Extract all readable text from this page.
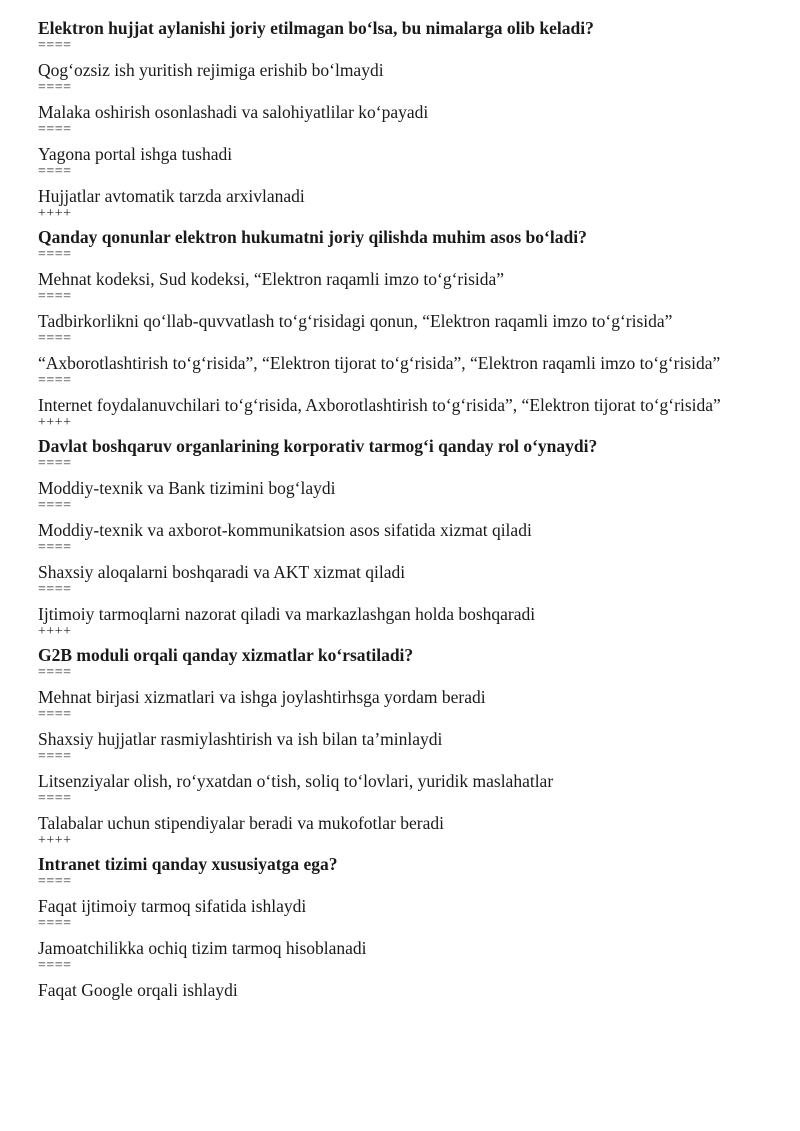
Elektron hujjat aylanishi joriy etilmagan bo‘lsa, bu nimalarga olib keladi?

====

Qog‘ozsiz ish yuritish rejimiga erishib bo‘lmaydi

====

Malaka oshirish osonlashadi va salohiyatlilar ko‘payadi

====

Yagona portal ishga tushadi

====

Hujjatlar avtomatik tarzda arxivlanadi

++++

Qanday qonunlar elektron hukumatni joriy qilishda muhim asos bo‘ladi?

====

Mehnat kodeksi, Sud kodeksi, “Elektron raqamli imzo to‘g‘risida”

====

Tadbirkorlikni qo‘llab-quvvatlash to‘g‘risidagi qonun, “Elektron raqamli imzo to‘g‘risida”

====

“Axborotlashtirish to‘g‘risida”, “Elektron tijorat to‘g‘risida”, “Elektron raqamli imzo to‘g‘risida”

====

Internet foydalanuvchilari to‘g‘risida, Axborotlashtirish to‘g‘risida”, “Elektron tijorat to‘g‘risida”

++++

Davlat boshqaruv organlarining korporativ tarmog‘i qanday rol o‘ynaydi?

====

Moddiy-texnik va Bank tizimini bog‘laydi

====

Moddiy-texnik va axborot-kommunikatsion asos sifatida xizmat qiladi

====

Shaxsiy aloqalarni boshqaradi va AKT xizmat qiladi

====

Ijtimoiy tarmoqlarni nazorat qiladi va markazlashgan holda boshqaradi

++++

G2B moduli orqali qanday xizmatlar ko‘rsatiladi?

====

Mehnat birjasi xizmatlari va ishga joylashtirhsga yordam beradi

====

Shaxsiy hujjatlar rasmiylashtirish va ish bilan ta’minlaydi

====

Litsenziyalar olish, ro‘yxatdan o‘tish, soliq to‘lovlari, yuridik maslahatlar

====

Talabalar uchun stipendiyalar beradi va mukofotlar beradi

++++

Intranet tizimi qanday xususiyatga ega?

====

Faqat ijtimoiy tarmoq sifatida ishlaydi

====

Jamoatchilikka ochiq tizim tarmoq hisoblanadi

====

Faqat Google orqali ishlaydi
